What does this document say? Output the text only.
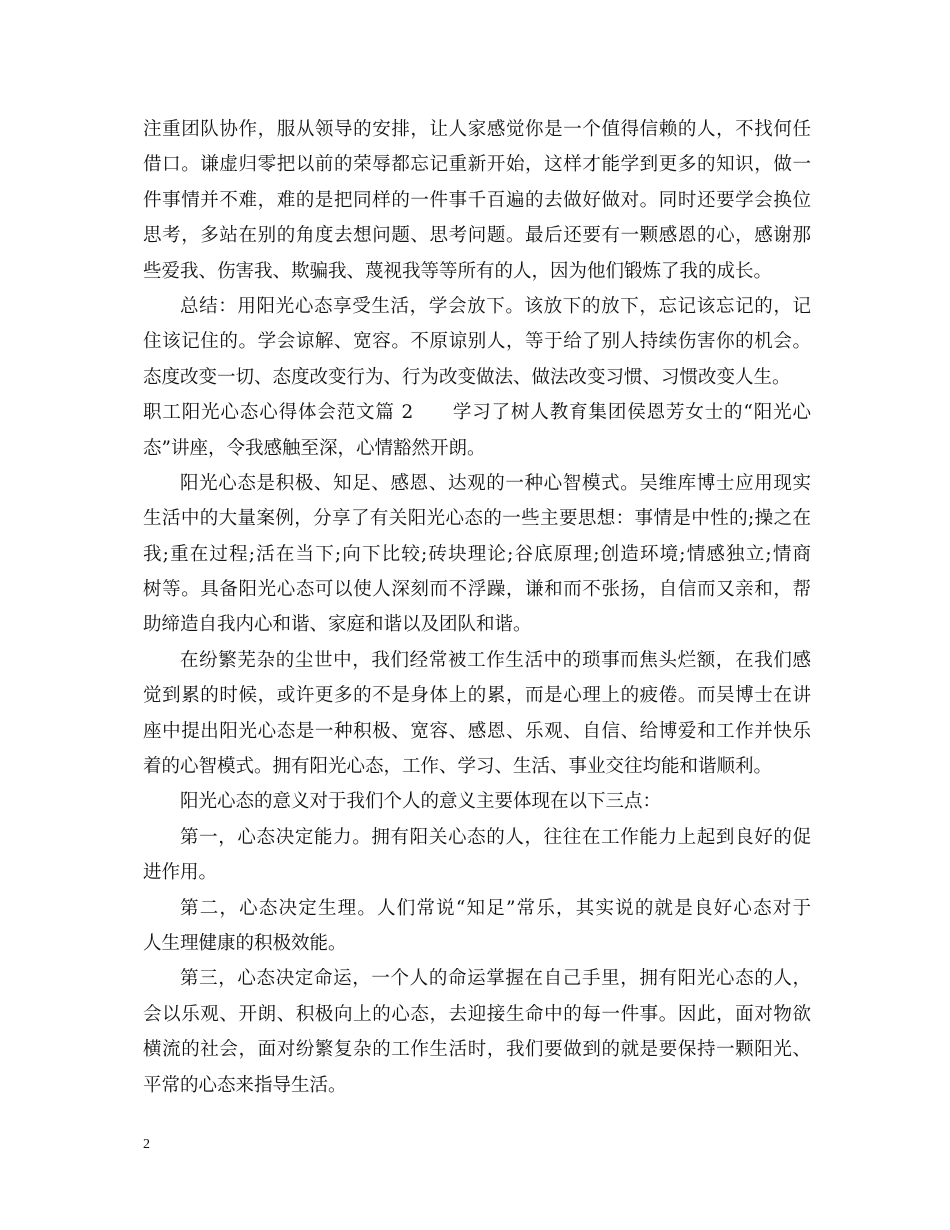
注重团队协作，服从领导的安排，让人家感觉你是一个值得信赖的人，不找何任
借口。谦虚归零把以前的荣辱都忘记重新开始，这样才能学到更多的知识，做一
件事情并不难，难的是把同样的一件事千百遍的去做好做对。同时还要学会换位
思考，多站在别的角度去想问题、思考问题。最后还要有一颗感恩的心，感谢那
些爱我、伤害我、欺骗我、蔑视我等等所有的人，因为他们锻炼了我的成长。
总结：用阳光心态享受生活，学会放下。该放下的放下，忘记该忘记的，记
住该记住的。学会谅解、宽容。不原谅别人，等于给了别人持续伤害你的机会。
态度改变一切、态度改变行为、行为改变做法、做法改变习惯、习惯改变人生。
职工阳光心态心得体会范文篇 2　　学习了树人教育集团侯恩芳女士的“阳光心
态”讲座，令我感触至深，心情豁然开朗。
阳光心态是积极、知足、感恩、达观的一种心智模式。吴维库博士应用现实
生活中的大量案例，分享了有关阳光心态的一些主要思想：事情是中性的;操之在
我;重在过程;活在当下;向下比较;砖块理论;谷底原理;创造环境;情感独立;情商
树等。具备阳光心态可以使人深刻而不浮躁，谦和而不张扬，自信而又亲和，帮
助缔造自我内心和谐、家庭和谐以及团队和谐。
在纷繁芜杂的尘世中，我们经常被工作生活中的琐事而焦头烂额，在我们感
觉到累的时候，或许更多的不是身体上的累，而是心理上的疲倦。而吴博士在讲
座中提出阳光心态是一种积极、宽容、感恩、乐观、自信、给博爱和工作并快乐
着的心智模式。拥有阳光心态，工作、学习、生活、事业交往均能和谐顺利。
阳光心态的意义对于我们个人的意义主要体现在以下三点：
第一，心态决定能力。拥有阳关心态的人，往往在工作能力上起到良好的促
进作用。
第二，心态决定生理。人们常说“知足”常乐，其实说的就是良好心态对于
人生理健康的积极效能。
第三，心态决定命运，一个人的命运掌握在自己手里，拥有阳光心态的人，
会以乐观、开朗、积极向上的心态，去迎接生命中的每一件事。因此，面对物欲
横流的社会，面对纷繁复杂的工作生活时，我们要做到的就是要保持一颗阳光、
平常的心态来指导生活。
2
